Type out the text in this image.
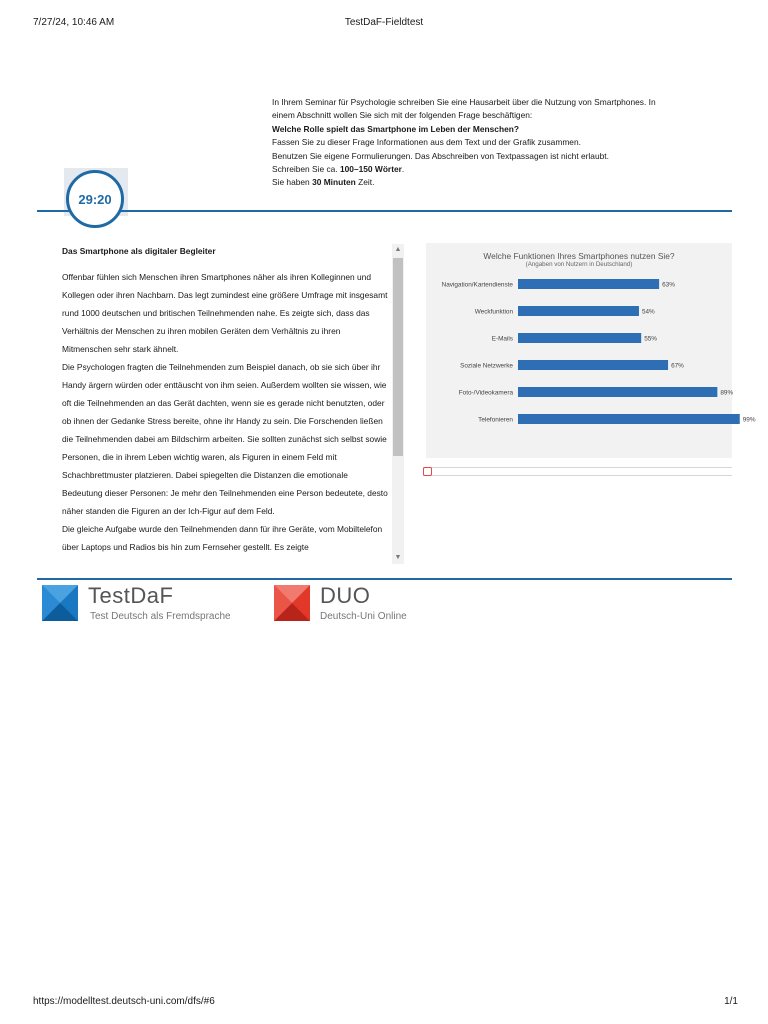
7/27/24, 10:46 AM	TestDaF-Fieldtest
In Ihrem Seminar für Psychologie schreiben Sie eine Hausarbeit über die Nutzung von Smartphones. In
einem Abschnitt wollen Sie sich mit der folgenden Frage beschäftigen:
Welche Rolle spielt das Smartphone im Leben der Menschen?
Fassen Sie zu dieser Frage Informationen aus dem Text und der Grafik zusammen.
Benutzen Sie eigene Formulierungen. Das Abschreiben von Textpassagen ist nicht erlaubt.
Schreiben Sie ca. 100–150 Wörter.
Sie haben 30 Minuten Zeit.
29:20
Das Smartphone als digitaler Begleiter

Offenbar fühlen sich Menschen ihren Smartphones näher als ihren Kolleginnen und Kollegen oder ihren Nachbarn. Das legt zumindest eine größere Umfrage mit insgesamt rund 1000 deutschen und britischen Teilnehmenden nahe. Es zeigte sich, dass das Verhältnis der Menschen zu ihren mobilen Geräten dem Verhältnis zu ihren Mitmenschen sehr stark ähnelt.

Die Psychologen fragten die Teilnehmenden zum Beispiel danach, ob sie sich über ihr Handy ärgern würden oder enttäuscht von ihm seien. Außerdem wollten sie wissen, wie oft die Teilnehmenden an das Gerät dachten, wenn sie es gerade nicht benutzten, oder ob ihnen der Gedanke Stress bereite, ohne ihr Handy zu sein. Die Forschenden ließen die Teilnehmenden dabei am Bildschirm arbeiten. Sie sollten zunächst sich selbst sowie Personen, die in ihrem Leben wichtig waren, als Figuren in einem Feld mit Schachbrettmuster platzieren. Dabei spiegelten die Distanzen die emotionale Bedeutung dieser Personen: Je mehr den Teilnehmenden eine Person bedeutete, desto näher standen die Figuren an der Ich-Figur auf dem Feld.

Die gleiche Aufgabe wurde den Teilnehmenden dann für ihre Geräte, vom Mobiltelefon über Laptops und Radios bis hin zum Fernseher gestellt. Es zeigte

▲
▼
Welche Funktionen Ihres Smartphones nutzen Sie?
(Angaben von Nutzern in Deutschland)
Navigation/Kartendienste	63%
Weckfunktion	54%
E-Mails	55%
Soziale Netzwerke	67%
Foto-/Videokamera	89%
Telefonieren	99%
TestDaF
Test Deutsch als Fremdsprache
DUO
Deutsch-Uni Online
https://modelltest.deutsch-uni.com/dfs/#6	1/1
